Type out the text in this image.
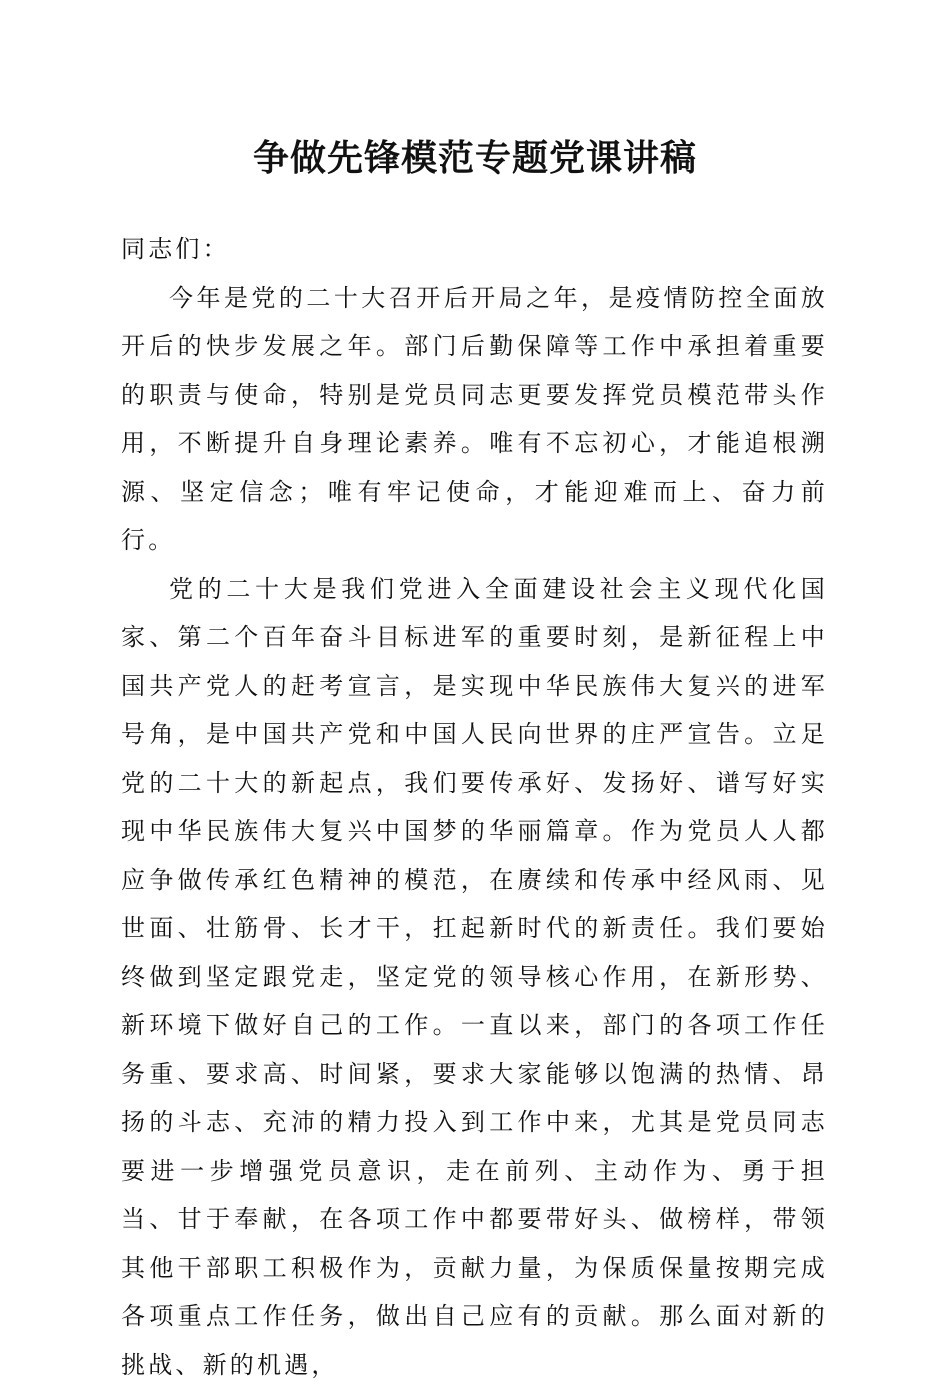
争做先锋模范专题党课讲稿

同志们：

今年是党的二十大召开后开局之年，是疫情防控全面放开后的快步发展之年。部门后勤保障等工作中承担着重要的职责与使命，特别是党员同志更要发挥党员模范带头作用，不断提升自身理论素养。唯有不忘初心，才能追根溯源、坚定信念；唯有牢记使命，才能迎难而上、奋力前行。

党的二十大是我们党进入全面建设社会主义现代化国家、第二个百年奋斗目标进军的重要时刻，是新征程上中国共产党人的赶考宣言，是实现中华民族伟大复兴的进军号角，是中国共产党和中国人民向世界的庄严宣告。立足党的二十大的新起点，我们要传承好、发扬好、谱写好实现中华民族伟大复兴中国梦的华丽篇章。作为党员人人都应争做传承红色精神的模范，在赓续和传承中经风雨、见世面、壮筋骨、长才干，扛起新时代的新责任。我们要始终做到坚定跟党走，坚定党的领导核心作用，在新形势、新环境下做好自己的工作。一直以来，部门的各项工作任务重、要求高、时间紧，要求大家能够以饱满的热情、昂扬的斗志、充沛的精力投入到工作中来，尤其是党员同志要进一步增强党员意识，走在前列、主动作为、勇于担当、甘于奉献，在各项工作中都要带好头、做榜样，带领其他干部职工积极作为，贡献力量，为保质保量按期完成各项重点工作任务，做出自己应有的贡献。那么面对新的挑战、新的机遇，
